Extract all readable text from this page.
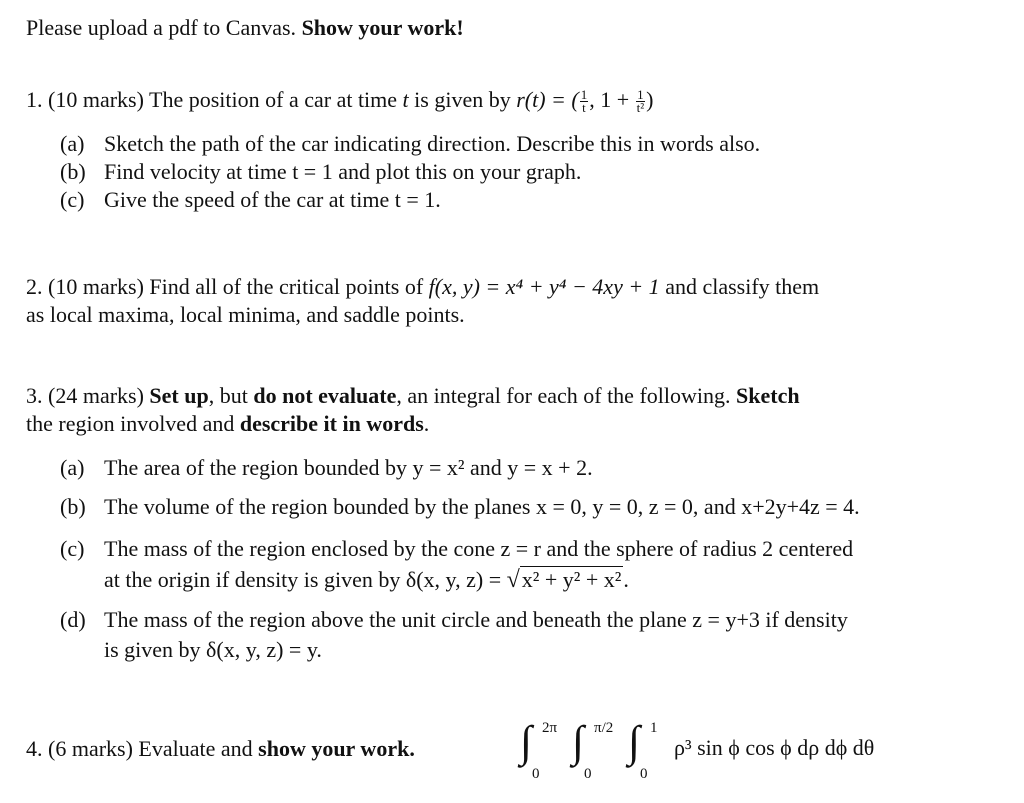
Please upload a pdf to Canvas. Show your work!
1. (10 marks) The position of a car at time t is given by r(t) = ( $\frac{1}{t}$ , $1 + \frac{1}{\text{t²}}$ )
(a) Sketch the path of the car indicating direction. Describe this in words also.
(b) Find velocity at time t = 1 and plot this on your graph.
(c) Give the speed of the car at time t = 1.
2. (10 marks) Find all of the critical points of f(x, y) = x⁴ + y⁴ − 4xy + 1 and classify them
as local maxima, local minima, and saddle points.
3. (24 marks) Set up, but do not evaluate, an integral for each of the following. Sketch
the region involved and describe it in words.
(a) The area of the region bounded by y = x² and y = x + 2.
(b) The volume of the region bounded by the planes x = 0, y = 0, z = 0, and x+2y+4z = 4.
(c) The mass of the region enclosed by the cone z = r and the sphere of radius 2 centered
at the origin if density is given by δ(x, y, z) = √x² + y² + x².
(d) The mass of the region above the unit circle and beneath the plane z = y+3 if density
is given by δ(x, y, z) = y.
4. (6 marks) Evaluate and show your work. ∫ 2π
0
∫ π/2
0
∫ 1
0
ρ³ sin ϕ cos ϕ dρ dϕ dθ
